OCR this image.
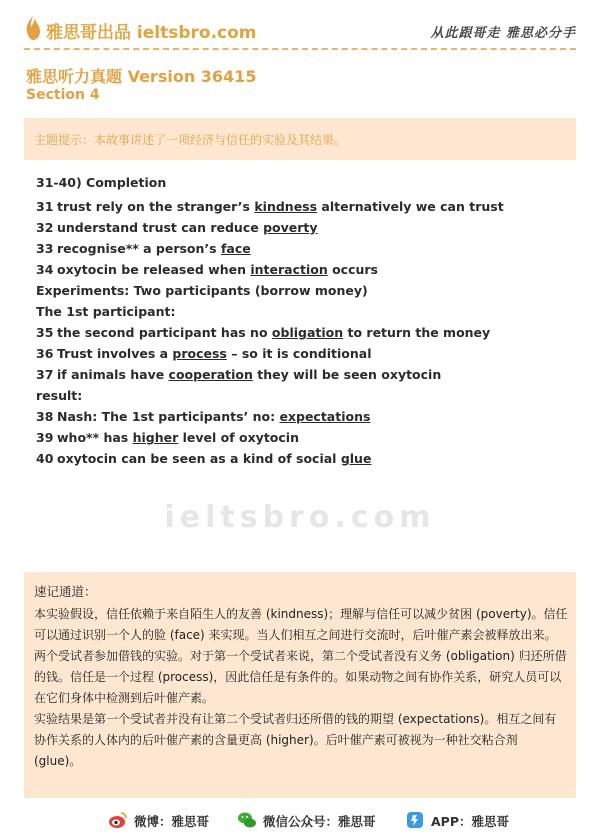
雅思哥出品 ieltsbro.com	从此跟哥走 雅思必分手
雅思听力真题 Version 36415
Section 4
主题提示：本故事讲述了一项经济与信任的实验及其结果。
31-40) Completion
31 trust rely on the stranger’s kindness alternatively we can trust
32 understand trust can reduce poverty
33 recognise** a person’s face
34 oxytocin be released when interaction occurs
Experiments: Two participants (borrow money)
The 1st participant:
35 the second participant has no obligation to return the money
36 Trust involves a process – so it is conditional
37 if animals have cooperation they will be seen oxytocin
result:
38 Nash: The 1st participants’ no: expectations
39 who** has higher level of oxytocin
40 oxytocin can be seen as a kind of social glue
ieltsbro.com
速记通道：

本实验假设，信任依赖于来自陌生人的友善 (kindness)；理解与信任可以减少贫困 (poverty)。信任可以通过识别一个人的脸 (face) 来实现。当人们相互之间进行交流时，后叶催产素会被释放出来。

两个受试者参加借钱的实验。对于第一个受试者来说，第二个受试者没有义务 (obligation) 归还所借的钱。信任是一个过程 (process)，因此信任是有条件的。如果动物之间有协作关系，研究人员可以在它们身体中检测到后叶催产素。

实验结果是第一个受试者并没有让第二个受试者归还所借的钱的期望 (expectations)。相互之间有协作关系的人体内的后叶催产素的含量更高 (higher)。后叶催产素可被视为一种社交粘合剂 (glue)。

微博：雅思哥	微信公众号：雅思哥	APP：雅思哥
